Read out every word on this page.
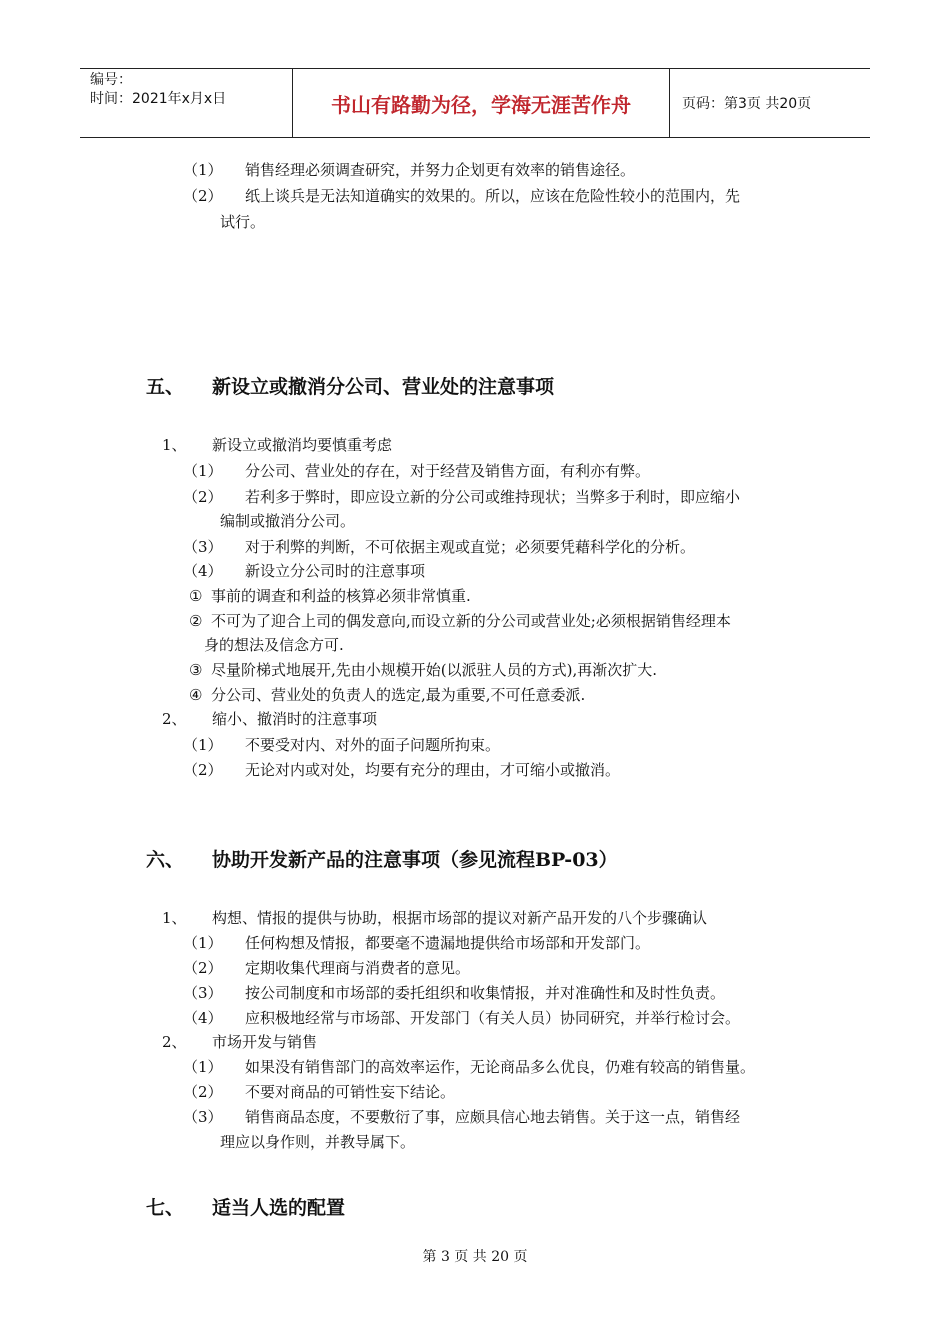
编号：
时间：2021年x月x日	书山有路勤为径，学海无涯苦作舟	页码：第3页 共20页
（1） 销售经理必须调查研究，并努力企划更有效率的销售途径。
（2） 纸上谈兵是无法知道确实的效果的。所以，应该在危险性较小的范围内，先
试行。
五、 新设立或撤消分公司、营业处的注意事项
1、 新设立或撤消均要慎重考虑
（1） 分公司、营业处的存在，对于经营及销售方面，有利亦有弊。
（2） 若利多于弊时，即应设立新的分公司或维持现状；当弊多于利时，即应缩小
编制或撤消分公司。
（3） 对于利弊的判断，不可依据主观或直觉；必须要凭藉科学化的分析。
（4） 新设立分公司时的注意事项
① 事前的调查和利益的核算必须非常慎重.
② 不可为了迎合上司的偶发意向,而设立新的分公司或营业处;必须根据销售经理本
身的想法及信念方可.
③ 尽量阶梯式地展开,先由小规模开始(以派驻人员的方式),再渐次扩大.
④ 分公司、营业处的负责人的选定,最为重要,不可任意委派.
2、 缩小、撤消时的注意事项
（1） 不要受对内、对外的面子问题所拘束。
（2） 无论对内或对处，均要有充分的理由，才可缩小或撤消。
六、 协助开发新产品的注意事项（参见流程BP-03）
1、 构想、情报的提供与协助，根据市场部的提议对新产品开发的八个步骤确认
（1） 任何构想及情报，都要毫不遗漏地提供给市场部和开发部门。
（2） 定期收集代理商与消费者的意见。
（3） 按公司制度和市场部的委托组织和收集情报，并对准确性和及时性负责。
（4） 应积极地经常与市场部、开发部门（有关人员）协同研究，并举行检讨会。
2、 市场开发与销售
（1） 如果没有销售部门的高效率运作，无论商品多么优良，仍难有较高的销售量。
（2） 不要对商品的可销性妄下结论。
（3） 销售商品态度，不要敷衍了事，应颇具信心地去销售。关于这一点，销售经
理应以身作则，并教导属下。
七、 适当人选的配置
第 3 页 共 20 页
